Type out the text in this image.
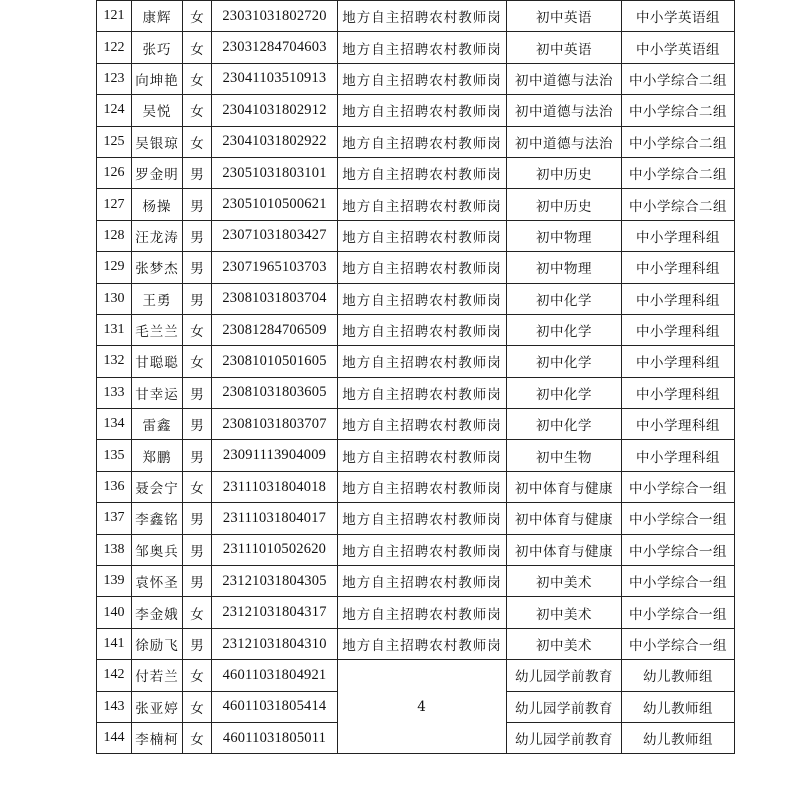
121	康辉	女	23031031802720	地方自主招聘农村教师岗	初中英语	中小学英语组
122	张巧	女	23031284704603	地方自主招聘农村教师岗	初中英语	中小学英语组
123	向坤艳	女	23041103510913	地方自主招聘农村教师岗	初中道德与法治	中小学综合二组
124	吴悦	女	23041031802912	地方自主招聘农村教师岗	初中道德与法治	中小学综合二组
125	吴银琼	女	23041031802922	地方自主招聘农村教师岗	初中道德与法治	中小学综合二组
126	罗金明	男	23051031803101	地方自主招聘农村教师岗	初中历史	中小学综合二组
127	杨操	男	23051010500621	地方自主招聘农村教师岗	初中历史	中小学综合二组
128	汪龙涛	男	23071031803427	地方自主招聘农村教师岗	初中物理	中小学理科组
129	张梦杰	男	23071965103703	地方自主招聘农村教师岗	初中物理	中小学理科组
130	王勇	男	23081031803704	地方自主招聘农村教师岗	初中化学	中小学理科组
131	毛兰兰	女	23081284706509	地方自主招聘农村教师岗	初中化学	中小学理科组
132	甘聪聪	女	23081010501605	地方自主招聘农村教师岗	初中化学	中小学理科组
133	甘幸运	男	23081031803605	地方自主招聘农村教师岗	初中化学	中小学理科组
134	雷鑫	男	23081031803707	地方自主招聘农村教师岗	初中化学	中小学理科组
135	郑鹏	男	23091113904009	地方自主招聘农村教师岗	初中生物	中小学理科组
136	聂会宁	女	23111031804018	地方自主招聘农村教师岗	初中体育与健康	中小学综合一组
137	李鑫铭	男	23111031804017	地方自主招聘农村教师岗	初中体育与健康	中小学综合一组
138	邹奥兵	男	23111010502620	地方自主招聘农村教师岗	初中体育与健康	中小学综合一组
139	袁怀圣	男	23121031804305	地方自主招聘农村教师岗	初中美术	中小学综合一组
140	李金娥	女	23121031804317	地方自主招聘农村教师岗	初中美术	中小学综合一组
141	徐励飞	男	23121031804310	地方自主招聘农村教师岗	初中美术	中小学综合一组
142	付若兰	女	46011031804921	4	幼儿园学前教育	幼儿教师组
143	张亚婷	女	46011031805414		幼儿园学前教育	幼儿教师组
144	李楠柯	女	46011031805011		幼儿园学前教育	幼儿教师组
